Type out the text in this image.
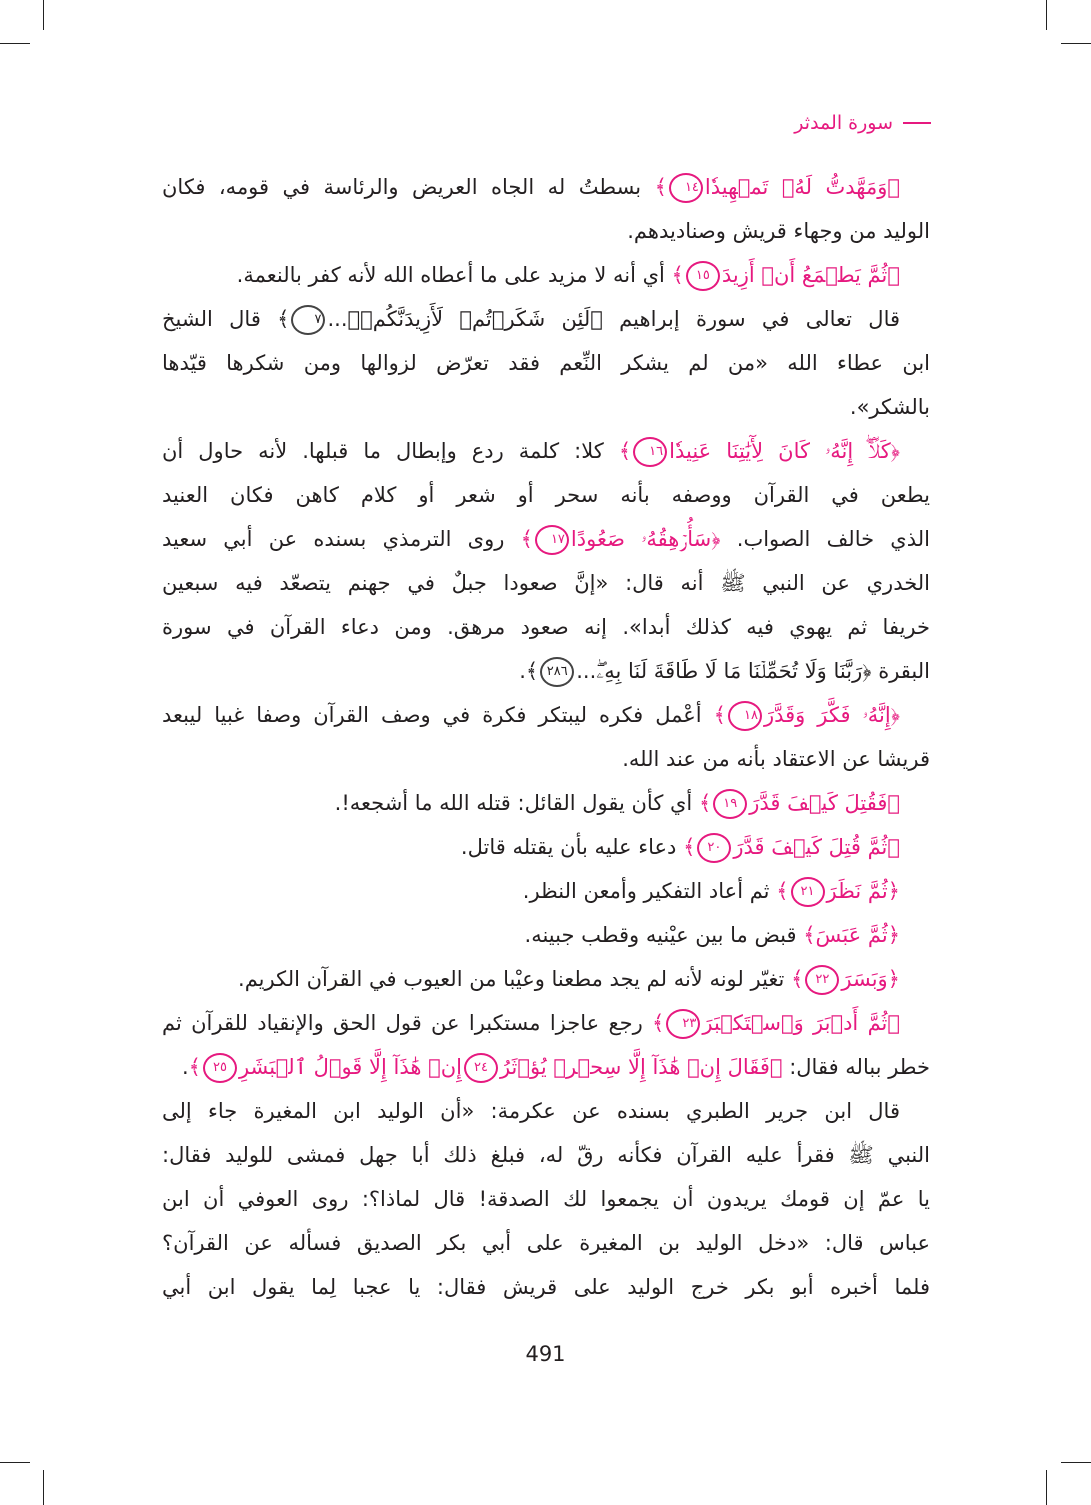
سورة المدثر
﴿وَمَهَّدتُّ لَهُۥ تَمۡهِيدٗا١٤﴾ بسطتُ له الجاه العريض والرئاسة في قومه، فكان
الوليد من وجهاء قريش وصناديدهم.
﴿ثُمَّ يَطۡمَعُ أَنۡ أَزِيدَ١٥﴾ أي أنه لا مزيد على ما أعطاه الله لأنه كفر بالنعمة.
قال تعالى في سورة إبراهيم ﴿لَئِن شَكَرۡتُمۡ لَأَزِيدَنَّكُمۡۖ...٧﴾ قال الشيخ
ابن عطاء الله «من لم يشكر النِّعم فقد تعرّض لزوالها ومن شكرها قيّدها
بالشكر».
﴿كَلَّآۖ إِنَّهُۥ كَانَ لِأٓيَٰتِنَا عَنِيدٗا١٦﴾ كلا: كلمة ردع وإبطال ما قبلها. لأنه حاول أن
يطعن في القرآن ووصفه بأنه سحر أو شعر أو كلام كاهن فكان العنيد
الذي خالف الصواب. ﴿سَأُرۡهِقُهُۥ صَعُودًا١٧﴾ روى الترمذي بسنده عن أبي سعيد
الخدري عن النبي ﷺ أنه قال: «إنَّ صعودا جبلٌ في جهنم يتصعّد فيه سبعين
خريفا ثم يهوي فيه كذلك أبدا». إنه صعود مرهق. ومن دعاء القرآن في سورة
البقرة ﴿رَبَّنَا وَلَا تُحَمِّلۡنَا مَا لَا طَاقَةَ لَنَا بِهِۦۖ...٢٨٦﴾.
﴿إِنَّهُۥ فَكَّرَ وَقَدَّرَ١٨﴾ أعْمل فكره ليبتكر فكرة في وصف القرآن وصفا غبيا ليبعد
قريشا عن الاعتقاد بأنه من عند الله.
﴿فَقُتِلَ كَيۡفَ قَدَّرَ١٩﴾ أي كأن يقول القائل: قتله الله ما أشجعه!.
﴿ثُمَّ قُتِلَ كَيۡفَ قَدَّرَ٢٠﴾ دعاء عليه بأن يقتله قاتل.
﴿ثُمَّ نَظَرَ٢١﴾ ثم أعاد التفكير وأمعن النظر.
﴿ثُمَّ عَبَسَ﴾ قبض ما بين عيْنيه وقطب جبينه.
﴿وَبَسَرَ٢٢﴾ تغيّر لونه لأنه لم يجد مطعنا وعيْبا من العيوب في القرآن الكريم.
﴿ثُمَّ أَدۡبَرَ وَٱسۡتَكۡبَرَ٢٣﴾ رجع عاجزا مستكبرا عن قول الحق والإنقياد للقرآن ثم
خطر بباله فقال: ﴿فَقَالَ إِنۡ هَٰذَآ إِلَّا سِحۡرٞ يُؤۡثَرُ٢٤إِنۡ هَٰذَآ إِلَّا قَوۡلُ ٱلۡبَشَرِ٢٥﴾.
قال ابن جرير الطبري بسنده عن عكرمة: «أن الوليد ابن المغيرة جاء إلى
النبي ﷺ فقرأ عليه القرآن فكأنه رقّ له، فبلغ ذلك أبا جهل فمشى للوليد فقال:
يا عمّ إن قومك يريدون أن يجمعوا لك الصدقة! قال لماذا؟: روى العوفي أن ابن
عباس قال: «دخل الوليد بن المغيرة على أبي بكر الصديق فسأله عن القرآن؟
فلما أخبره أبو بكر خرج الوليد على قريش فقال: يا عجبا لِما يقول ابن أبي
491
